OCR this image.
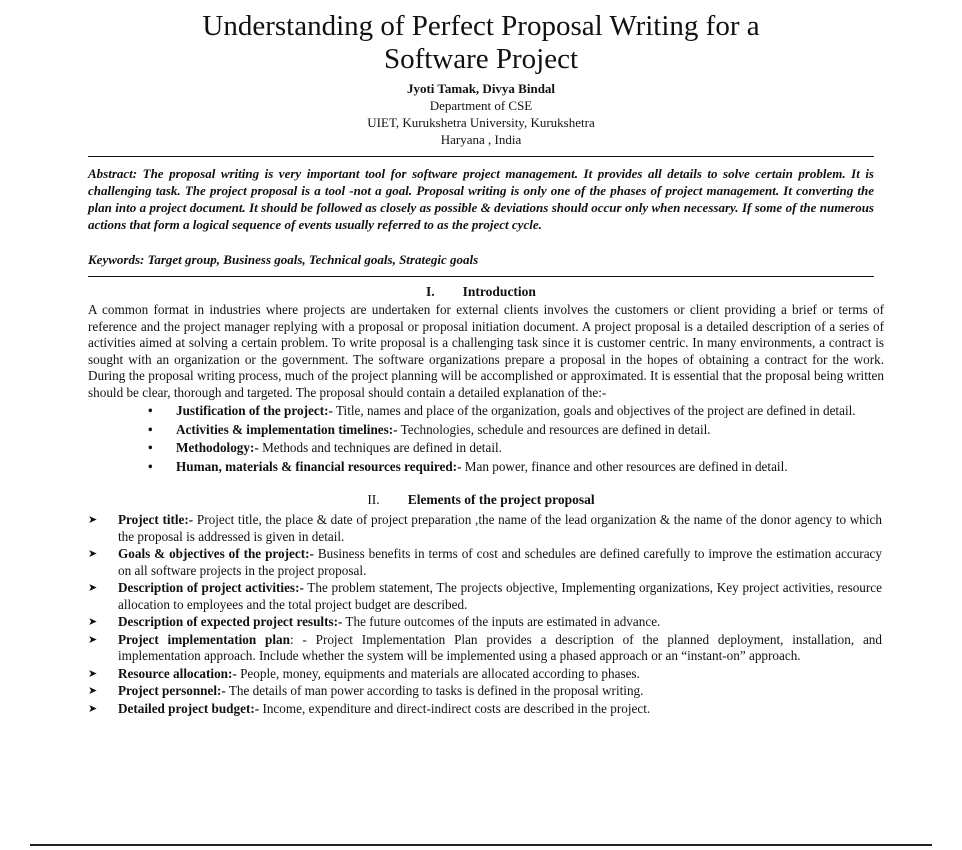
Understanding of Perfect Proposal Writing for a Software Project
Jyoti Tamak, Divya Bindal
Department of CSE
UIET, Kurukshetra University, Kurukshetra
Haryana , India
Abstract: The proposal writing is very important tool for software project management. It provides all details to solve certain problem. It is challenging task. The project proposal is a tool -not a goal. Proposal writing is only one of the phases of project management. It converting the plan into a project document. It should be followed as closely as possible & deviations should occur only when necessary. If some of the numerous actions that form a logical sequence of events usually referred to as the project cycle.
Keywords: Target group, Business goals, Technical goals, Strategic goals
I. Introduction
A common format in industries where projects are undertaken for external clients involves the customers or client providing a brief or terms of reference and the project manager replying with a proposal or proposal initiation document. A project proposal is a detailed description of a series of activities aimed at solving a certain problem. To write proposal is a challenging task since it is customer centric. In many environments, a contract is sought with an organization or the government. The software organizations prepare a proposal in the hopes of obtaining a contract for the work. During the proposal writing process, much of the project planning will be accomplished or approximated. It is essential that the proposal being written should be clear, thorough and targeted. The proposal should contain a detailed explanation of the:-
• Justification of the project:- Title, names and place of the organization, goals and objectives of the project are defined in detail.
• Activities & implementation timelines:- Technologies, schedule and resources are defined in detail.
• Methodology:- Methods and techniques are defined in detail.
• Human, materials & financial resources required:- Man power, finance and other resources are defined in detail.
II. Elements of the project proposal
➤ Project title:- Project title, the place & date of project preparation ,the name of the lead organization & the name of the donor agency to which the proposal is addressed is given in detail.
➤ Goals & objectives of the project:- Business benefits in terms of cost and schedules are defined carefully to improve the estimation accuracy on all software projects in the project proposal.
➤ Description of project activities:- The problem statement, The projects objective, Implementing organizations, Key project activities, resource allocation to employees and the total project budget are described.
➤ Description of expected project results:- The future outcomes of the inputs are estimated in advance.
➤ Project implementation plan: - Project Implementation Plan provides a description of the planned deployment, installation, and implementation approach. Include whether the system will be implemented using a phased approach or an “instant-on” approach.
➤ Resource allocation:- People, money, equipments and materials are allocated according to phases.
➤ Project personnel:- The details of man power according to tasks is defined in the proposal writing.
➤ Detailed project budget:- Income, expenditure and direct-indirect costs are described in the project.
